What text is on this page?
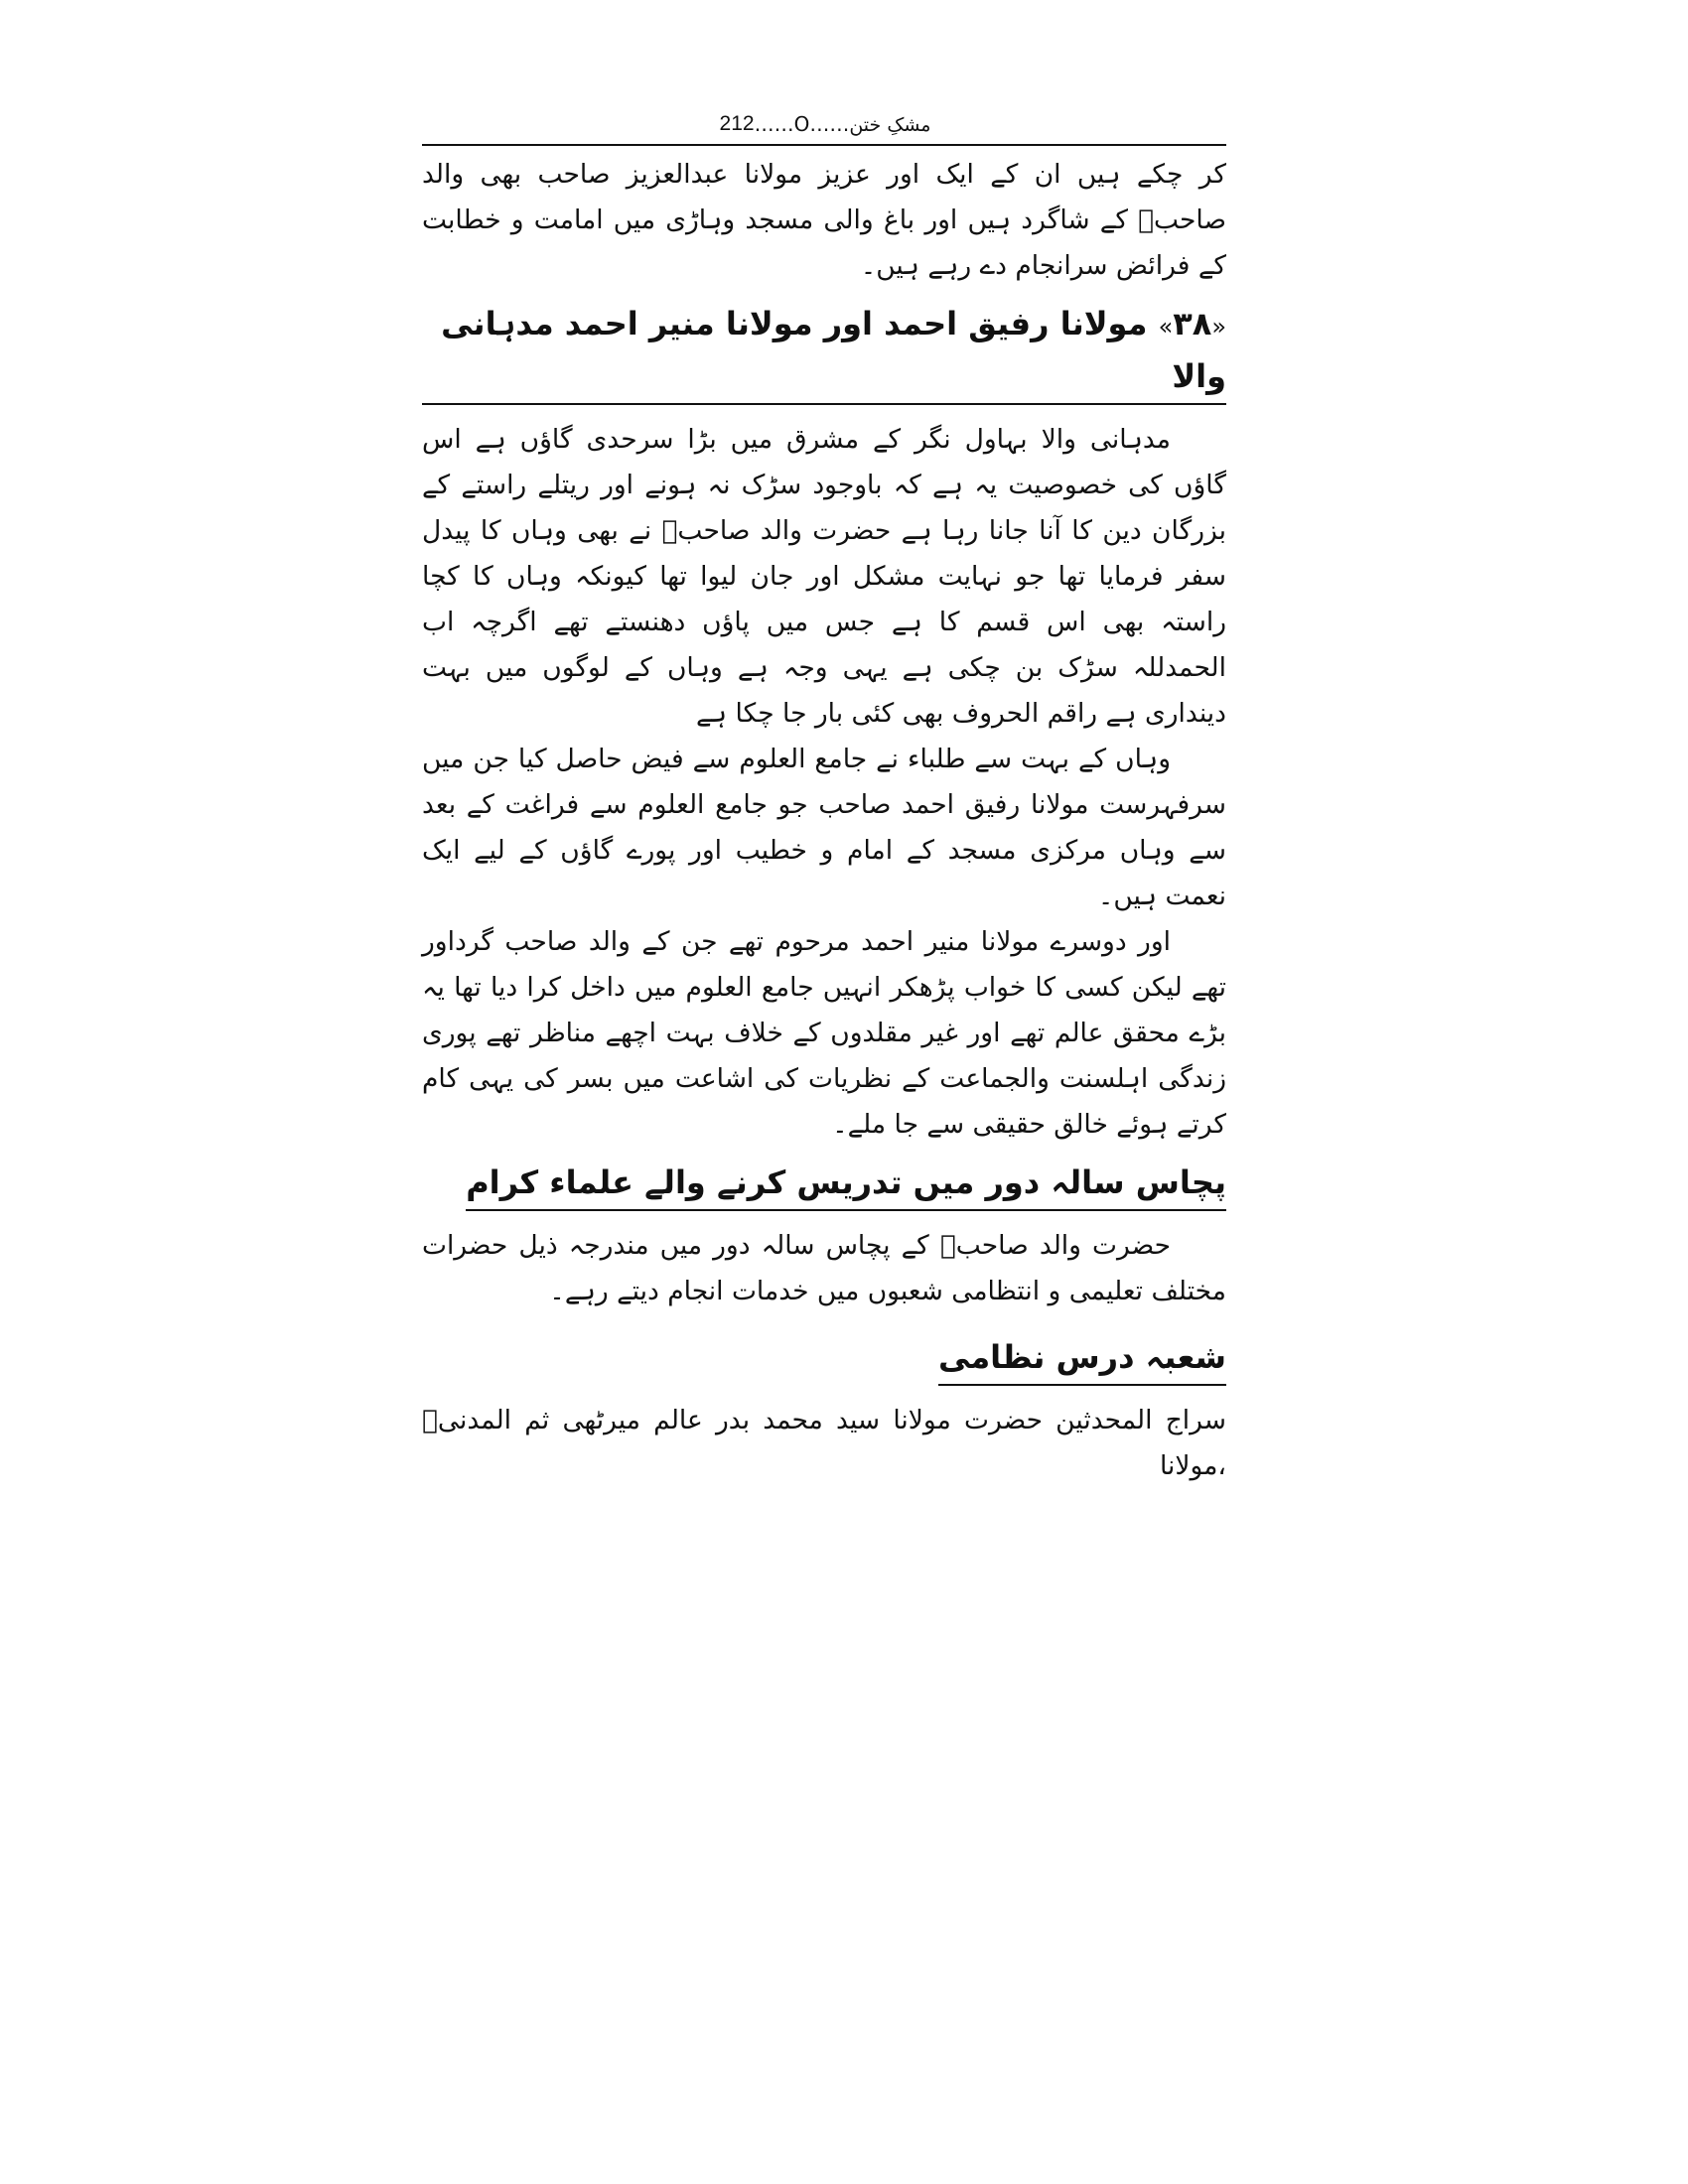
مشکِ ختن
……O……
212

کر چکے ہیں ان کے ایک اور عزیز مولانا عبدالعزیز صاحب بھی والد صاحبؒ کے شاگرد ہیں اور باغ والی مسجد وہاڑی میں امامت و خطابت کے فرائض سرانجام دے رہے ہیں۔

«۳۸» مولانا رفیق احمد اور مولانا منیر احمد مدہانی والا

مدہانی والا بہاول نگر کے مشرق میں بڑا سرحدی گاؤں ہے اس گاؤں کی خصوصیت یہ ہے کہ باوجود سڑک نہ ہونے اور ریتلے راستے کے بزرگان دین کا آنا جانا رہا ہے حضرت والد صاحبؒ نے بھی وہاں کا پیدل سفر فرمایا تھا جو نہایت مشکل اور جان لیوا تھا کیونکہ وہاں کا کچا راستہ بھی اس قسم کا ہے جس میں پاؤں دھنستے تھے اگرچہ اب الحمدللہ سڑک بن چکی ہے یہی وجہ ہے وہاں کے لوگوں میں بہت دینداری ہے راقم الحروف بھی کئی بار جا چکا ہے

وہاں کے بہت سے طلباء نے جامع العلوم سے فیض حاصل کیا جن میں سرفہرست مولانا رفیق احمد صاحب جو جامع العلوم سے فراغت کے بعد سے وہاں مرکزی مسجد کے امام و خطیب اور پورے گاؤں کے لیے ایک نعمت ہیں۔

اور دوسرے مولانا منیر احمد مرحوم تھے جن کے والد صاحب گرداور تھے لیکن کسی کا خواب پڑھکر انہیں جامع العلوم میں داخل کرا دیا تھا یہ بڑے محقق عالم تھے اور غیر مقلدوں کے خلاف بہت اچھے مناظر تھے پوری زندگی اہلسنت والجماعت کے نظریات کی اشاعت میں بسر کی یہی کام کرتے ہوئے خالق حقیقی سے جا ملے۔

پچاس سالہ دور میں تدریس کرنے والے علماء کرام

حضرت والد صاحبؒ کے پچاس سالہ دور میں مندرجہ ذیل حضرات مختلف تعلیمی و انتظامی شعبوں میں خدمات انجام دیتے رہے۔

شعبہ درس نظامی

سراج المحدثین حضرت مولانا سید محمد بدر عالم میرٹھی ثم المدنیؒ ،مولانا
